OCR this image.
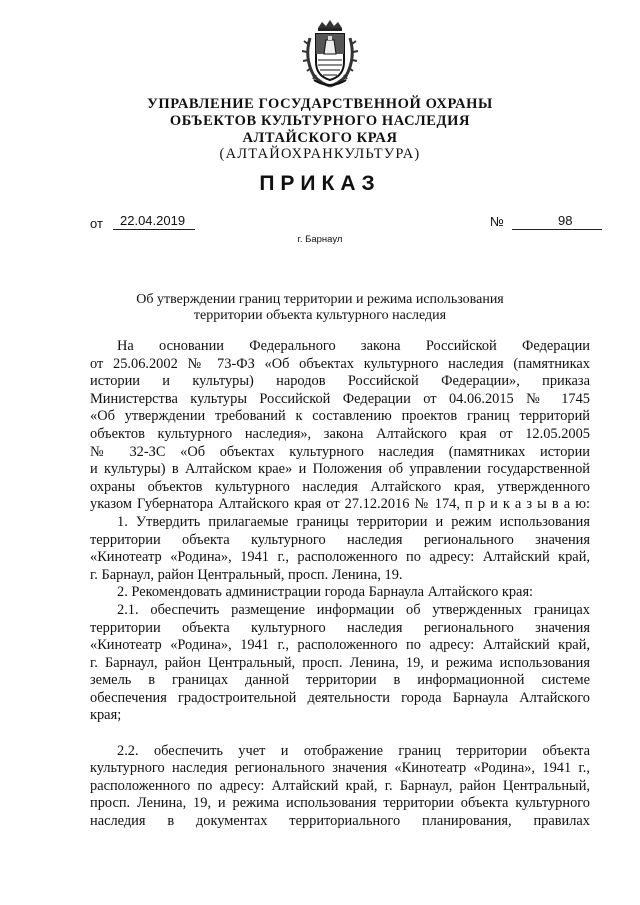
УПРАВЛЕНИЕ ГОСУДАРСТВЕННОЙ ОХРАНЫ
ОБЪЕКТОВ КУЛЬТУРНОГО НАСЛЕДИЯ
АЛТАЙСКОГО КРАЯ
(АЛТАЙОХРАНКУЛЬТУРА)
ПРИКАЗ
от 22.04.2019	№	98
г. Барнаул
Об утверждении границ территории и режима использования
территории объекта культурного наследия
На основании Федерального закона Российской Федерации
от 25.06.2002 № 73-ФЗ «Об объектах культурного наследия (памятниках
истории и культуры) народов Российской Федерации», приказа
Министерства культуры Российской Федерации от 04.06.2015 № 1745
«Об утверждении требований к составлению проектов границ территорий
объектов культурного наследия», закона Алтайского края от 12.05.2005
№ 32-ЗС «Об объектах культурного наследия (памятниках истории
и культуры) в Алтайском крае» и Положения об управлении государственной
охраны объектов культурного наследия Алтайского края, утвержденного
указом Губернатора Алтайского края от 27.12.2016 № 174, п р и к а з ы в а ю:
1. Утвердить прилагаемые границы территории и режим использования
территории объекта культурного наследия регионального значения
«Кинотеатр «Родина», 1941 г., расположенного по адресу: Алтайский край,
г. Барнаул, район Центральный, просп. Ленина, 19.
2. Рекомендовать администрации города Барнаула Алтайского края:
2.1. обеспечить размещение информации об утвержденных границах
территории объекта культурного наследия регионального значения
«Кинотеатр «Родина», 1941 г., расположенного по адресу: Алтайский край,
г. Барнаул, район Центральный, просп. Ленина, 19, и режима использования
земель в границах данной территории в информационной системе
обеспечения градостроительной деятельности города Барнаула Алтайского
края;
2.2. обеспечить учет и отображение границ территории объекта
культурного наследия регионального значения «Кинотеатр «Родина», 1941 г.,
расположенного по адресу: Алтайский край, г. Барнаул, район Центральный,
просп. Ленина, 19, и режима использования территории объекта культурного
наследия в документах территориального планирования, правилах
